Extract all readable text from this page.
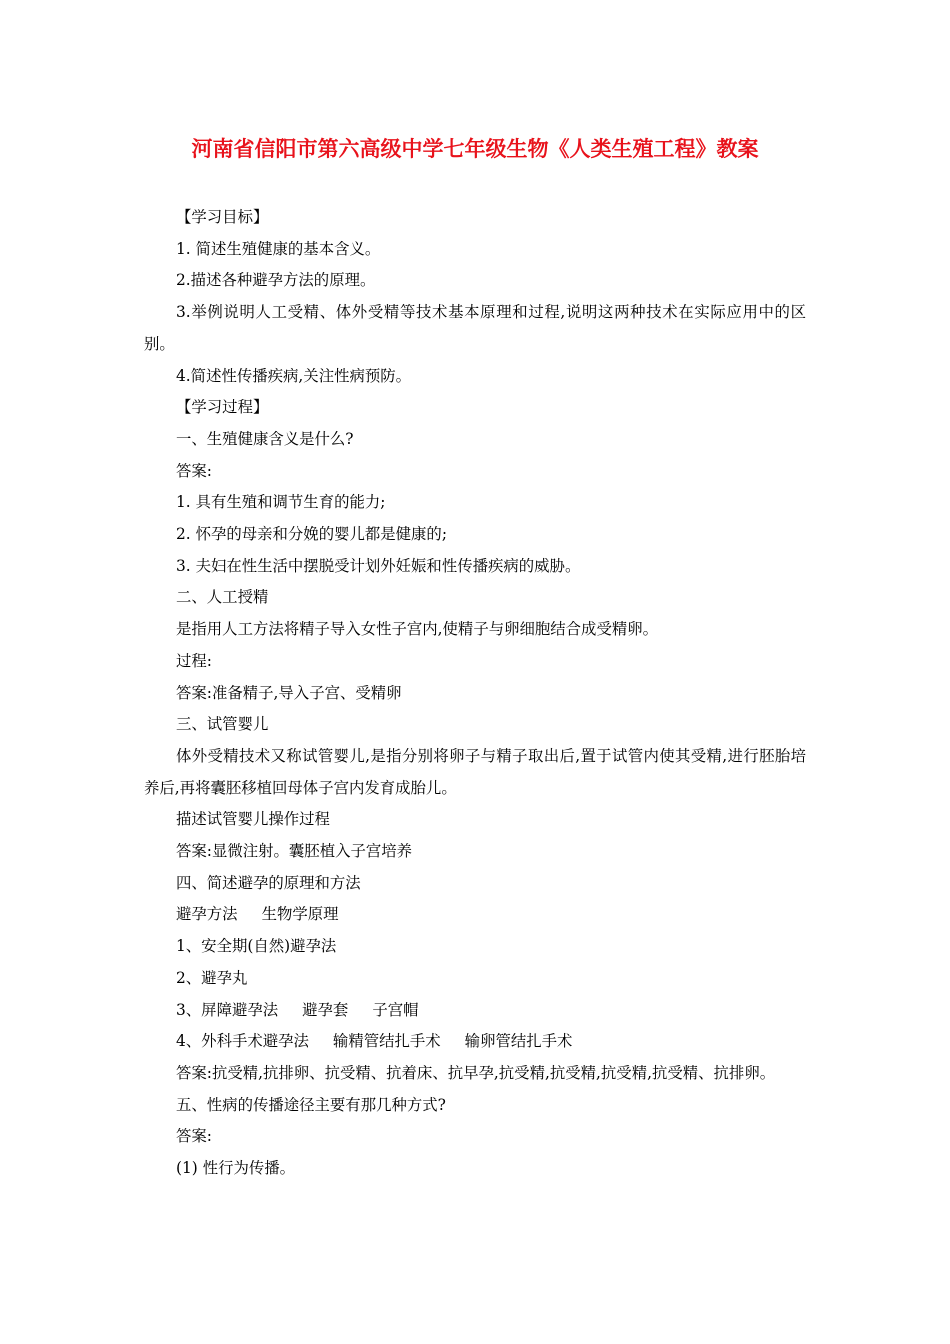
河南省信阳市第六高级中学七年级生物《人类生殖工程》教案

【学习目标】

1. 简述生殖健康的基本含义。

2.描述各种避孕方法的原理。

3.举例说明人工受精、体外受精等技术基本原理和过程,说明这两种技术在实际应用中的区别。

4.简述性传播疾病,关注性病预防。

【学习过程】

一、生殖健康含义是什么?

答案:

1. 具有生殖和调节生育的能力;

2. 怀孕的母亲和分娩的婴儿都是健康的;

3. 夫妇在性生活中摆脱受计划外妊娠和性传播疾病的威胁。

二、人工授精

是指用人工方法将精子导入女性子宫内,使精子与卵细胞结合成受精卵。

过程:

答案:准备精子,导入子宫、受精卵

三、试管婴儿

体外受精技术又称试管婴儿,是指分别将卵子与精子取出后,置于试管内使其受精,进行胚胎培养后,再将囊胚移植回母体子宫内发育成胎儿。

描述试管婴儿操作过程

答案:显微注射。囊胚植入子宫培养

四、简述避孕的原理和方法

避孕方法 生物学原理

1、安全期(自然)避孕法

2、避孕丸

3、屏障避孕法 避孕套 子宫帽

4、外科手术避孕法 输精管结扎手术 输卵管结扎手术

答案:抗受精,抗排卵、抗受精、抗着床、抗早孕,抗受精,抗受精,抗受精,抗受精、抗排卵。

五、性病的传播途径主要有那几种方式?

答案:

(1) 性行为传播。
